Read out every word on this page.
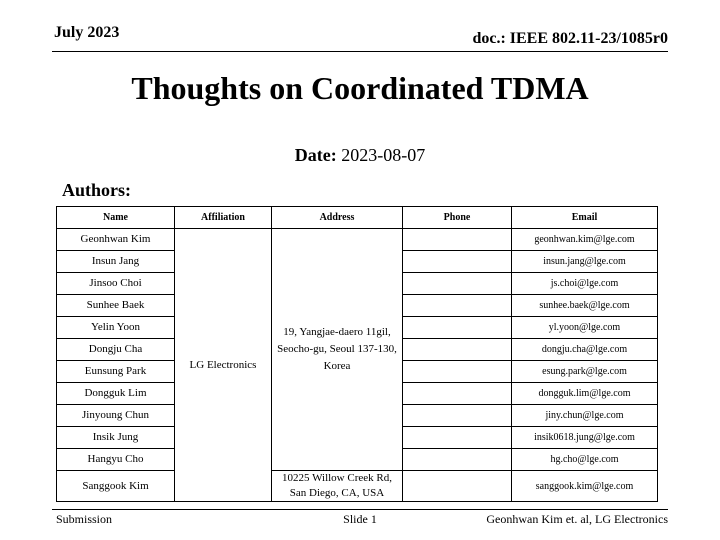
July 2023	doc.: IEEE 802.11-23/1085r0
Thoughts on Coordinated TDMA
Date: 2023-08-07
Authors:
Name	Affiliation	Address	Phone	Email
Geonhwan Kim	LG Electronics	19, Yangjae-daero 11gil, Seocho-gu, Seoul 137-130, Korea		geonhwan.kim@lge.com
Insun Jang				insun.jang@lge.com
Jinsoo Choi				js.choi@lge.com
Sunhee Baek				sunhee.baek@lge.com
Yelin Yoon				yl.yoon@lge.com
Dongju Cha				dongju.cha@lge.com
Eunsung Park				esung.park@lge.com
Dongguk Lim				dongguk.lim@lge.com
Jinyoung Chun				jiny.chun@lge.com
Insik Jung				insik0618.jung@lge.com
Hangyu Cho				hg.cho@lge.com
Sanggook Kim		10225 Willow Creek Rd, San Diego, CA, USA		sanggook.kim@lge.com
Submission	Slide 1	Geonhwan Kim et. al, LG Electronics
